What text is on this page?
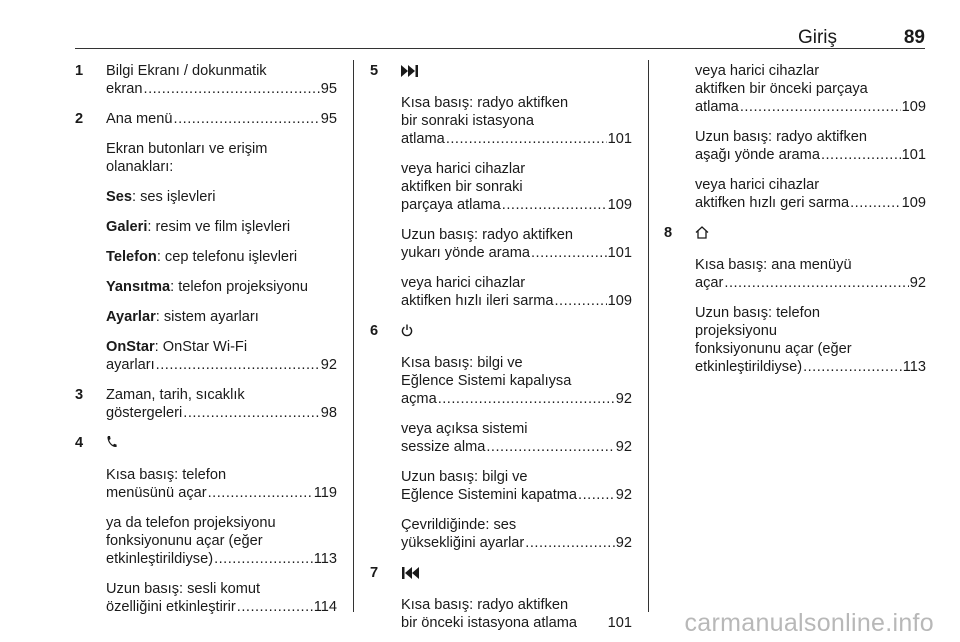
Giriş	89
1 Bilgi Ekranı / dokunmatik
ekran .....	95
2 Ana menü .....	95
Ekran butonları ve erişim
olanakları:
Ses: ses işlevleri
Galeri: resim ve film işlevleri
Telefon: cep telefonu işlevleri
Yansıtma: telefon projeksiyonu
Ayarlar: sistem ayarları
OnStar: OnStar Wi-Fi
ayarları .....	92
3 Zaman, tarih, sıcaklık
göstergeleri .....	98
4
Kısa basış: telefon
menüsünü açar .....	119
ya da telefon projeksiyonu
fonksiyonunu açar (eğer
etkinleştirildiyse) .....	113
Uzun basış: sesli komut
özelliğini etkinleştirir .....	114
5
Kısa basış: radyo aktifken
bir sonraki istasyona
atlama .....	101
veya harici cihazlar
aktifken bir sonraki
parçaya atlama .....	109
Uzun basış: radyo aktifken
yukarı yönde arama .....	101
veya harici cihazlar
aktifken hızlı ileri sarma .....	109
6
Kısa basış: bilgi ve
Eğlence Sistemi kapalıysa
açma .....	92
veya açıksa sistemi
sessize alma .....	92
Uzun basış: bilgi ve
Eğlence Sistemini kapatma .....	92
Çevrildiğinde: ses
yüksekliğini ayarlar .....	92
7
Kısa basış: radyo aktifken
bir önceki istasyona atlama 101
veya harici cihazlar
aktifken bir önceki parçaya
atlama .....	109
Uzun basış: radyo aktifken
aşağı yönde arama .....	101
veya harici cihazlar
aktifken hızlı geri sarma .....	109
8
Kısa basış: ana menüyü
açar .....	92
Uzun basış: telefon
projeksiyonu
fonksiyonunu açar (eğer
etkinleştirildiyse) .....	113
carmanualsonline.info
